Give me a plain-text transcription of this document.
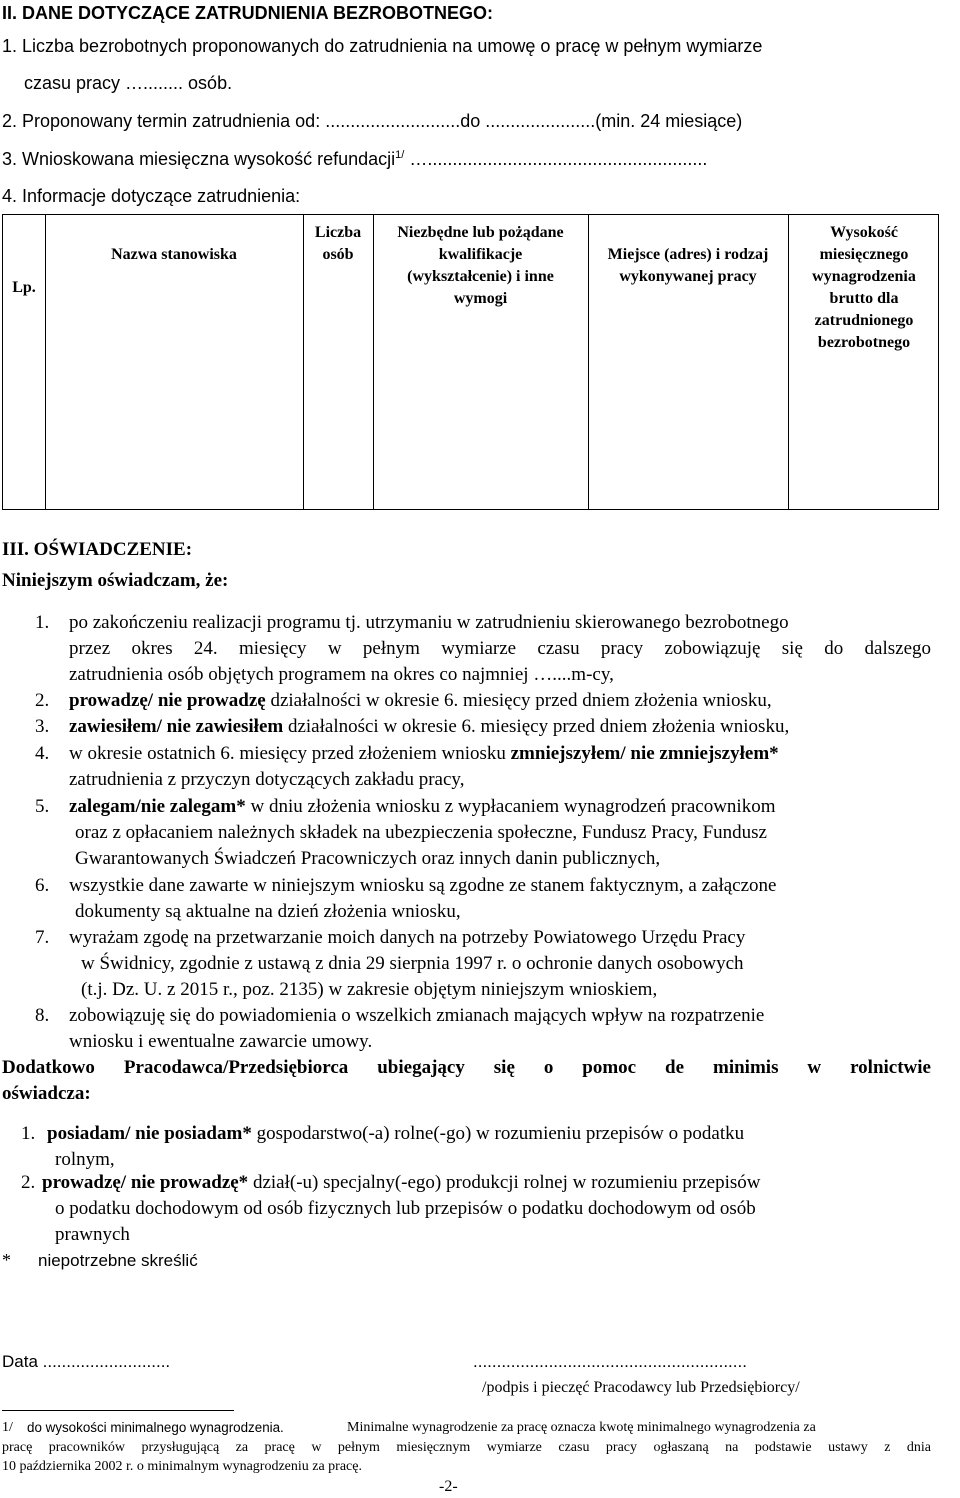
II. DANE DOTYCZĄCE ZATRUDNIENIA BEZROBOTNEGO:
1. Liczba bezrobotnych proponowanych do zatrudnienia na umowę o pracę w pełnym wymiarze
czasu pracy …........ osób.
2. Proponowany termin zatrudnienia od: ...........................do ......................(min. 24 miesiące)
3. Wnioskowana miesięczna wysokość refundacji$^{1/}$ …........................................................
4. Informacje dotyczące zatrudnienia:
Lp.
Nazwa stanowiska
Liczba osób
Niezbędne lub pożądane kwalifikacje (wykształcenie) i inne wymogi
Miejsce (adres) i rodzaj wykonywanej pracy
Wysokość miesięcznego wynagrodzenia brutto dla zatrudnionego bezrobotnego
III. OŚWIADCZENIE:
Niniejszym oświadczam, że:
1. po zakończeniu realizacji programu tj. utrzymaniu w zatrudnieniu skierowanego bezrobotnego
przez okres 24. miesięcy w pełnym wymiarze czasu pracy zobowiązuję się do dalszego
zatrudnienia osób objętych programem na okres co najmniej …....m-cy,
2. prowadzę/ nie prowadzę działalności w okresie 6. miesięcy przed dniem złożenia wniosku,
3. zawiesiłem/ nie zawiesiłem działalności w okresie 6. miesięcy przed dniem złożenia wniosku,
4. w okresie ostatnich 6. miesięcy przed złożeniem wniosku zmniejszyłem/ nie zmniejszyłem*
zatrudnienia z przyczyn dotyczących zakładu pracy,
5. zalegam/nie zalegam* w dniu złożenia wniosku z wypłacaniem wynagrodzeń pracownikom
oraz z opłacaniem należnych składek na ubezpieczenia społeczne, Fundusz Pracy, Fundusz
Gwarantowanych Świadczeń Pracowniczych oraz innych danin publicznych,
6. wszystkie dane zawarte w niniejszym wniosku są zgodne ze stanem faktycznym, a załączone
dokumenty są aktualne na dzień złożenia wniosku,
7. wyrażam zgodę na przetwarzanie moich danych na potrzeby Powiatowego Urzędu Pracy
w Świdnicy, zgodnie z ustawą z dnia 29 sierpnia 1997 r. o ochronie danych osobowych
(t.j. Dz. U. z 2015 r., poz. 2135) w zakresie objętym niniejszym wnioskiem,
8. zobowiązuję się do powiadomienia o wszelkich zmianach mających wpływ na rozpatrzenie
wniosku i ewentualne zawarcie umowy.
Dodatkowo Pracodawca/Przedsiębiorca ubiegający się o pomoc de minimis w rolnictwie
oświadcza:
1. posiadam/ nie posiadam* gospodarstwo(-a) rolne(-go) w rozumieniu przepisów o podatku
rolnym,
2. prowadzę/ nie prowadzę* dział(-u) specjalny(-ego) produkcji rolnej w rozumieniu przepisów
o podatku dochodowym od osób fizycznych lub przepisów o podatku dochodowym od osób
prawnych
* niepotrzebne skreślić
Data ...........................	..........................................................
/podpis i pieczęć Pracodawcy lub Przedsiębiorcy/
1/ do wysokości minimalnego wynagrodzenia.	Minimalne wynagrodzenie za pracę oznacza kwotę minimalnego wynagrodzenia za
pracę pracowników przysługującą za pracę w pełnym miesięcznym wymiarze czasu pracy ogłaszaną na podstawie ustawy z dnia
10 października 2002 r. o minimalnym wynagrodzeniu za pracę.
-2-
